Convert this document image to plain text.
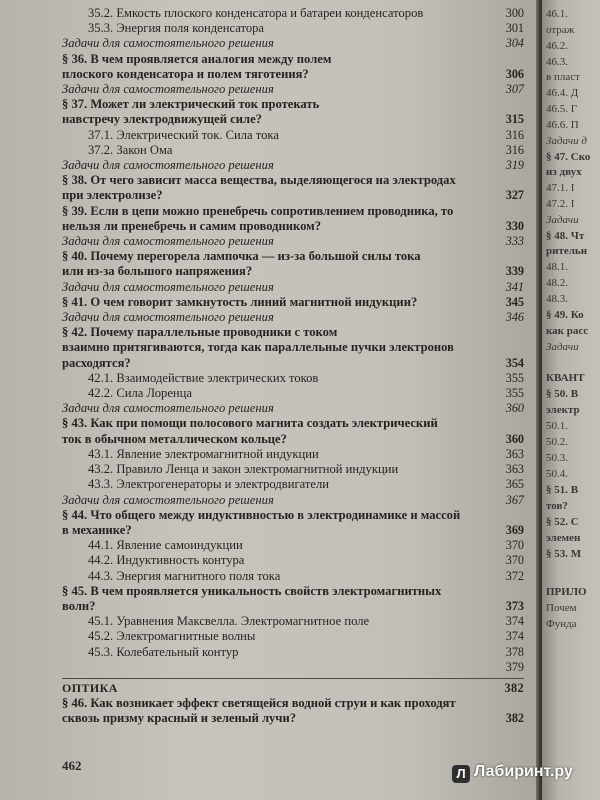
35.2. Емкость плоского конденсатора и батареи конденсаторов	300
35.3. Энергия поля конденсатора	301
Задачи для самостоятельного решения	304
§ 36. В чем проявляется аналогия между полем
плоского конденсатора и полем тяготения?	306
Задачи для самостоятельного решения	307
§ 37. Может ли электрический ток протекать
навстречу электродвижущей силе?	315
37.1. Электрический ток. Сила тока	316
37.2. Закон Ома	316
Задачи для самостоятельного решения	319
§ 38. От чего зависит масса вещества, выделяющегося на электродах
при электролизе?	327
§ 39. Если в цепи можно пренебречь сопротивлением проводника, то
нельзя ли пренебречь и самим проводником?	330
Задачи для самостоятельного решения	333
§ 40. Почему перегорела лампочка — из-за большой силы тока
или из-за большого напряжения?	339
Задачи для самостоятельного решения	341
§ 41. О чем говорит замкнутость линий магнитной индукции?	345
Задачи для самостоятельного решения	346
§ 42. Почему параллельные проводники с током
взаимно притягиваются, тогда как параллельные пучки электронов
расходятся?	354
42.1. Взаимодействие электрических токов	355
42.2. Сила Лоренца	355
Задачи для самостоятельного решения	360
§ 43. Как при помощи полосового магнита создать электрический
ток в обычном металлическом кольце?	360
43.1. Явление электромагнитной индукции	363
43.2. Правило Ленца и закон электромагнитной индукции	363
43.3. Электрогенераторы и электродвигатели	365
Задачи для самостоятельного решения	367
§ 44. Что общего между индуктивностью в электродинамике и массой
в механике?	369
44.1. Явление самоиндукции	370
44.2. Индуктивность контура	370
44.3. Энергия магнитного поля тока	372
§ 45. В чем проявляется уникальность свойств электромагнитных
волн?	373
45.1. Уравнения Максвелла. Электромагнитное поле	374
45.2. Электромагнитные волны	374
45.3. Колебательный контур	378

379
ОПТИКА	382
§ 46. Как возникает эффект светящейся водной струи и как проходят
сквозь призму красный и зеленый лучи?	382
462
46.1.
отраж
46.2.
46.3.
в пласт
46.4. Д
46.5. Г
46.6. П
Задачи д
§ 47. Ско
из двух
47.1. I
47.2. I
Задачи
§ 48. Чт
рительн
48.1.
48.2.
48.3.
§ 49. Ко
как расс
Задачи
КВАНТ
§ 50. В
электр
50.1.
50.2.
50.3.
50.4.
§ 51. В
тов?
§ 52. С
элемен
§ 53. М
ПРИЛО
Почем
Фунда
Л Лабиринт.ру
